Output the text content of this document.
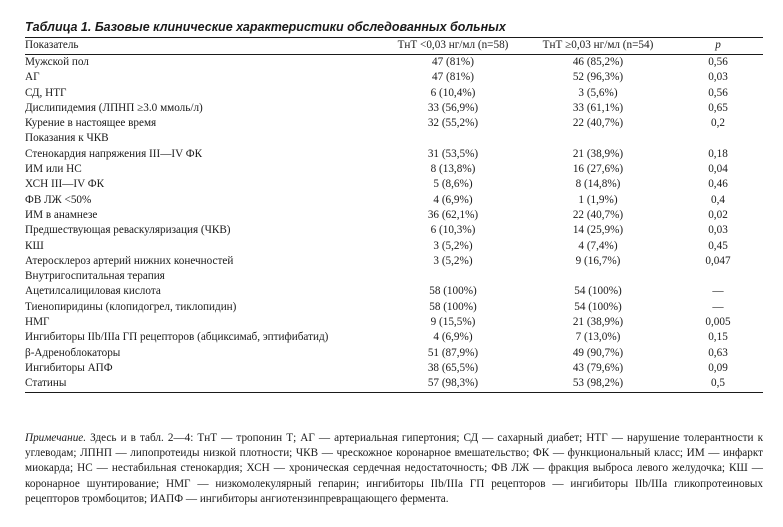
Таблица 1. Базовые клинические характеристики обследованных больных
Показатель	ТнТ <0,03 нг/мл (n=58)	ТнТ ≥0,03 нг/мл (n=54)	p
Мужской пол	47 (81%)	46 (85,2%)	0,56
АГ	47 (81%)	52 (96,3%)	0,03
СД, НТГ	6 (10,4%)	3 (5,6%)	0,56
Дислипидемия (ЛПНП ≥3.0 ммоль/л)	33 (56,9%)	33 (61,1%)	0,65
Курение в настоящее время	32 (55,2%)	22 (40,7%)	0,2
Показания к ЧКВ			
Стенокардия напряжения III—IV ФК	31 (53,5%)	21 (38,9%)	0,18
ИМ или НС	8 (13,8%)	16 (27,6%)	0,04
ХСН III—IV ФК	5 (8,6%)	8 (14,8%)	0,46
ФВ ЛЖ <50%	4 (6,9%)	1 (1,9%)	0,4
ИМ в анамнезе	36 (62,1%)	22 (40,7%)	0,02
Предшествующая реваскуляризация (ЧКВ)	6 (10,3%)	14 (25,9%)	0,03
КШ	3 (5,2%)	4 (7,4%)	0,45
Атеросклероз артерий нижних конечностей	3 (5,2%)	9 (16,7%)	0,047
Внутригоспитальная терапия			
Ацетилсалициловая кислота	58 (100%)	54 (100%)	—
Тиенопиридины (клопидогрел, тиклопидин)	58 (100%)	54 (100%)	—
НМГ	9 (15,5%)	21 (38,9%)	0,005
Ингибиторы IIb/IIIa ГП рецепторов (абциксимаб, эптифибатид)	4 (6,9%)	7 (13,0%)	0,15
β-Адреноблокаторы	51 (87,9%)	49 (90,7%)	0,63
Ингибиторы АПФ	38 (65,5%)	43 (79,6%)	0,09
Статины	57 (98,3%)	53 (98,2%)	0,5
Примечание. Здесь и в табл. 2—4: ТнТ — тропонин Т; АГ — артериальная гипертония; СД — сахарный диабет; НТГ — нарушение толерантности к углеводам; ЛПНП — липопротеиды низкой плотности; ЧКВ — чрескожное коронарное вмешательство; ФК — функциональный класс; ИМ — инфаркт миокарда; НС — нестабильная стенокардия; ХСН — хроническая сердечная недостаточность; ФВ ЛЖ — фракция выброса левого желудочка; КШ — коронарное шунтирование; НМГ — низкомолекулярный гепарин; ингибиторы IIb/IIIa ГП рецепторов — ингибиторы IIb/IIIa гликопротеиновых рецепторов тромбоцитов; ИАПФ — ингибиторы ангиотензинпревращающего фермента.
